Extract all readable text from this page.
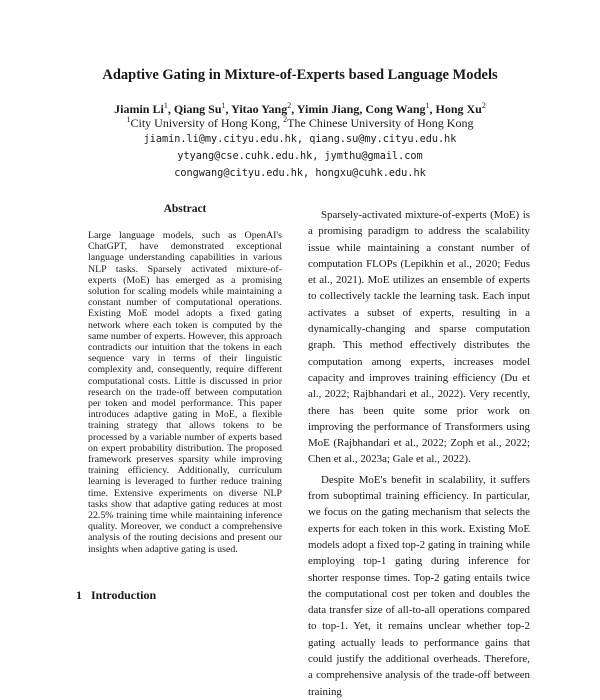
Adaptive Gating in Mixture-of-Experts based Language Models
Jiamin Li$^1$, Qiang Su$^1$, Yitao Yang$^2$, Yimin Jiang, Cong Wang$^1$, Hong Xu$^2$
$^1$City University of Hong Kong, $^2$The Chinese University of Hong Kong
jiamin.li@my.cityu.edu.hk, qiang.su@my.cityu.edu.hk
ytyang@cse.cuhk.edu.hk, jymthu@gmail.com
congwang@cityu.edu.hk, hongxu@cuhk.edu.hk
Abstract
Large language models, such as OpenAI's ChatGPT, have demonstrated exceptional language understanding capabilities in various NLP tasks. Sparsely activated mixture-of-experts (MoE) has emerged as a promising solution for scaling models while maintaining a constant number of computational operations. Existing MoE model adopts a fixed gating network where each token is computed by the same number of experts. However, this approach contradicts our intuition that the tokens in each sequence vary in terms of their linguistic complexity and, consequently, require different computational costs. Little is discussed in prior research on the trade-off between computation per token and model performance. This paper introduces adaptive gating in MoE, a flexible training strategy that allows tokens to be processed by a variable number of experts based on expert probability distribution. The proposed framework preserves sparsity while improving training efficiency. Additionally, curriculum learning is leveraged to further reduce training time. Extensive experiments on diverse NLP tasks show that adaptive gating reduces at most 22.5% training time while maintaining inference quality. Moreover, we conduct a comprehensive analysis of the routing decisions and present our insights when adaptive gating is used.

Sparsely-activated mixture-of-experts (MoE) is a promising paradigm to address the scalability issue while maintaining a constant number of computation FLOPs (Lepikhin et al., 2020; Fedus et al., 2021). MoE utilizes an ensemble of experts to collectively tackle the learning task. Each input activates a subset of experts, resulting in a dynamically-changing and sparse computation graph. This method effectively distributes the computation among experts, increases model capacity and improves training efficiency (Du et al., 2022; Rajbhandari et al., 2022). Very recently, there has been quite some prior work on improving the performance of Transformers using MoE (Rajbhandari et al., 2022; Zoph et al., 2022; Chen et al., 2023a; Gale et al., 2022).

Despite MoE's benefit in scalability, it suffers from suboptimal training efficiency. In particular, we focus on the gating mechanism that selects the experts for each token in this work. Existing MoE models adopt a fixed top-2 gating in training while employing top-1 gating during inference for shorter response times. Top-2 gating entails twice the computational cost per token and doubles the data transfer size of all-to-all operations compared to top-1. Yet, it remains unclear whether top-2 gating actually leads to performance gains that could justify the additional overheads. Therefore, a comprehensive analysis of the trade-off between training

1 Introduction
